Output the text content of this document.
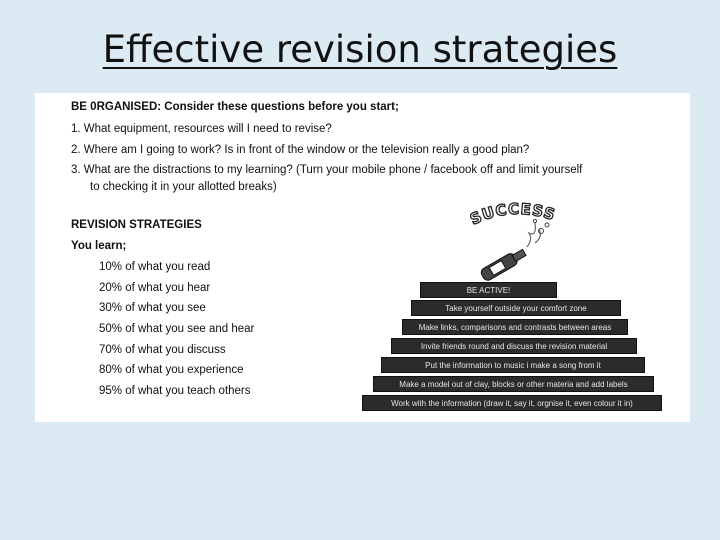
Effective revision strategies
BE 0RGANISED: Consider these questions before you start;
1. What equipment, resources will I need to revise?
2. Where am I going to work? Is in front of the window or the television really a good plan?
3. What are the distractions to my learning? (Turn your mobile phone / facebook off and limit yourself
to checking it in your allotted breaks)
REVISION STRATEGIES
You learn;
10% of what you read
20% of what you hear
30% of what you see
50% of what you see and hear
70% of what you discuss
80% of what you experience
95% of what you teach others
SUCCESS
BE ACTIVE!
Take yourself outside your comfort zone
Make links, comparisons and contrasts between areas
Invite friends round and discuss the revision material
Put the information to music i make a song from it
Make a model out of clay, blocks or other materia and add labels
Work with the information (draw it, say it, orgnise it, even colour it in)
